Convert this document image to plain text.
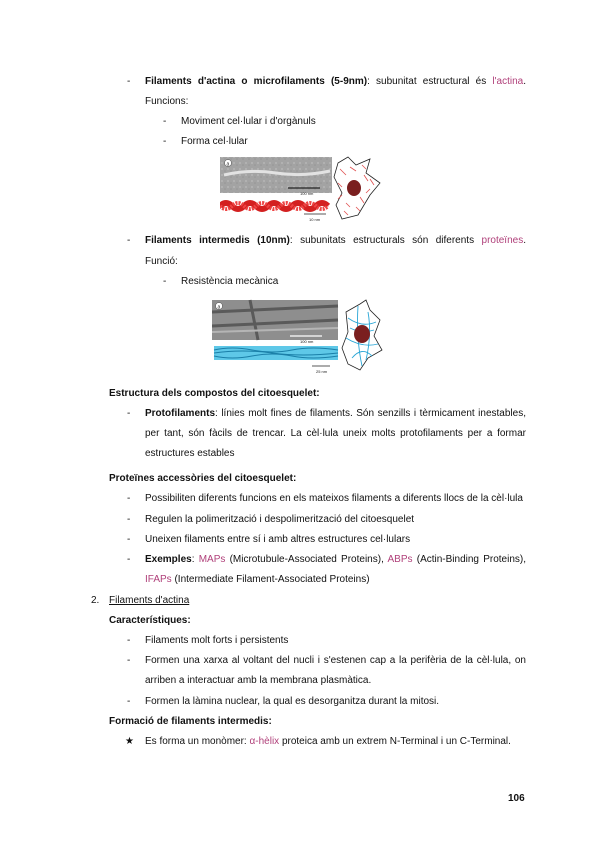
- Filaments d'actina o microfilaments (5-9nm): subunitat estructural és l'actina.
Funcions:
- Moviment cel·lular i d'orgànuls
- Forma cel·lular
a
100 nm
10 nm
- Filaments intermedis (10nm): subunitats estructurals són diferents proteïnes.
Funció:
- Resistència mecànica
a
100 nm
25 nm
Estructura dels compostos del citoesquelet:
- Protofilaments: línies molt fines de filaments. Són senzills i tèrmicament inestables,
per tant, són fàcils de trencar. La cèl·lula uneix molts protofilaments per a formar
estructures estables
Proteïnes accessòries del citoesquelet:
- Possibiliten diferents funcions en els mateixos filaments a diferents llocs de la cèl·lula
- Regulen la polimerització i despolimerització del citoesquelet
- Uneixen filaments entre sí i amb altres estructures cel·lulars
- Exemples: MAPs (Microtubule-Associated Proteins), ABPs (Actin-Binding Proteins),
IFAPs (Intermediate Filament-Associated Proteins)
2. Filaments d'actina
Característiques:
- Filaments molt forts i persistents
- Formen una xarxa al voltant del nucli i s'estenen cap a la perifèria de la cèl·lula, on
arriben a interactuar amb la membrana plasmàtica.
- Formen la làmina nuclear, la qual es desorganitza durant la mitosi.
Formació de filaments intermedis:
★ Es forma un monòmer: α-hèlix proteica amb un extrem N-Terminal i un C-Terminal.
106
